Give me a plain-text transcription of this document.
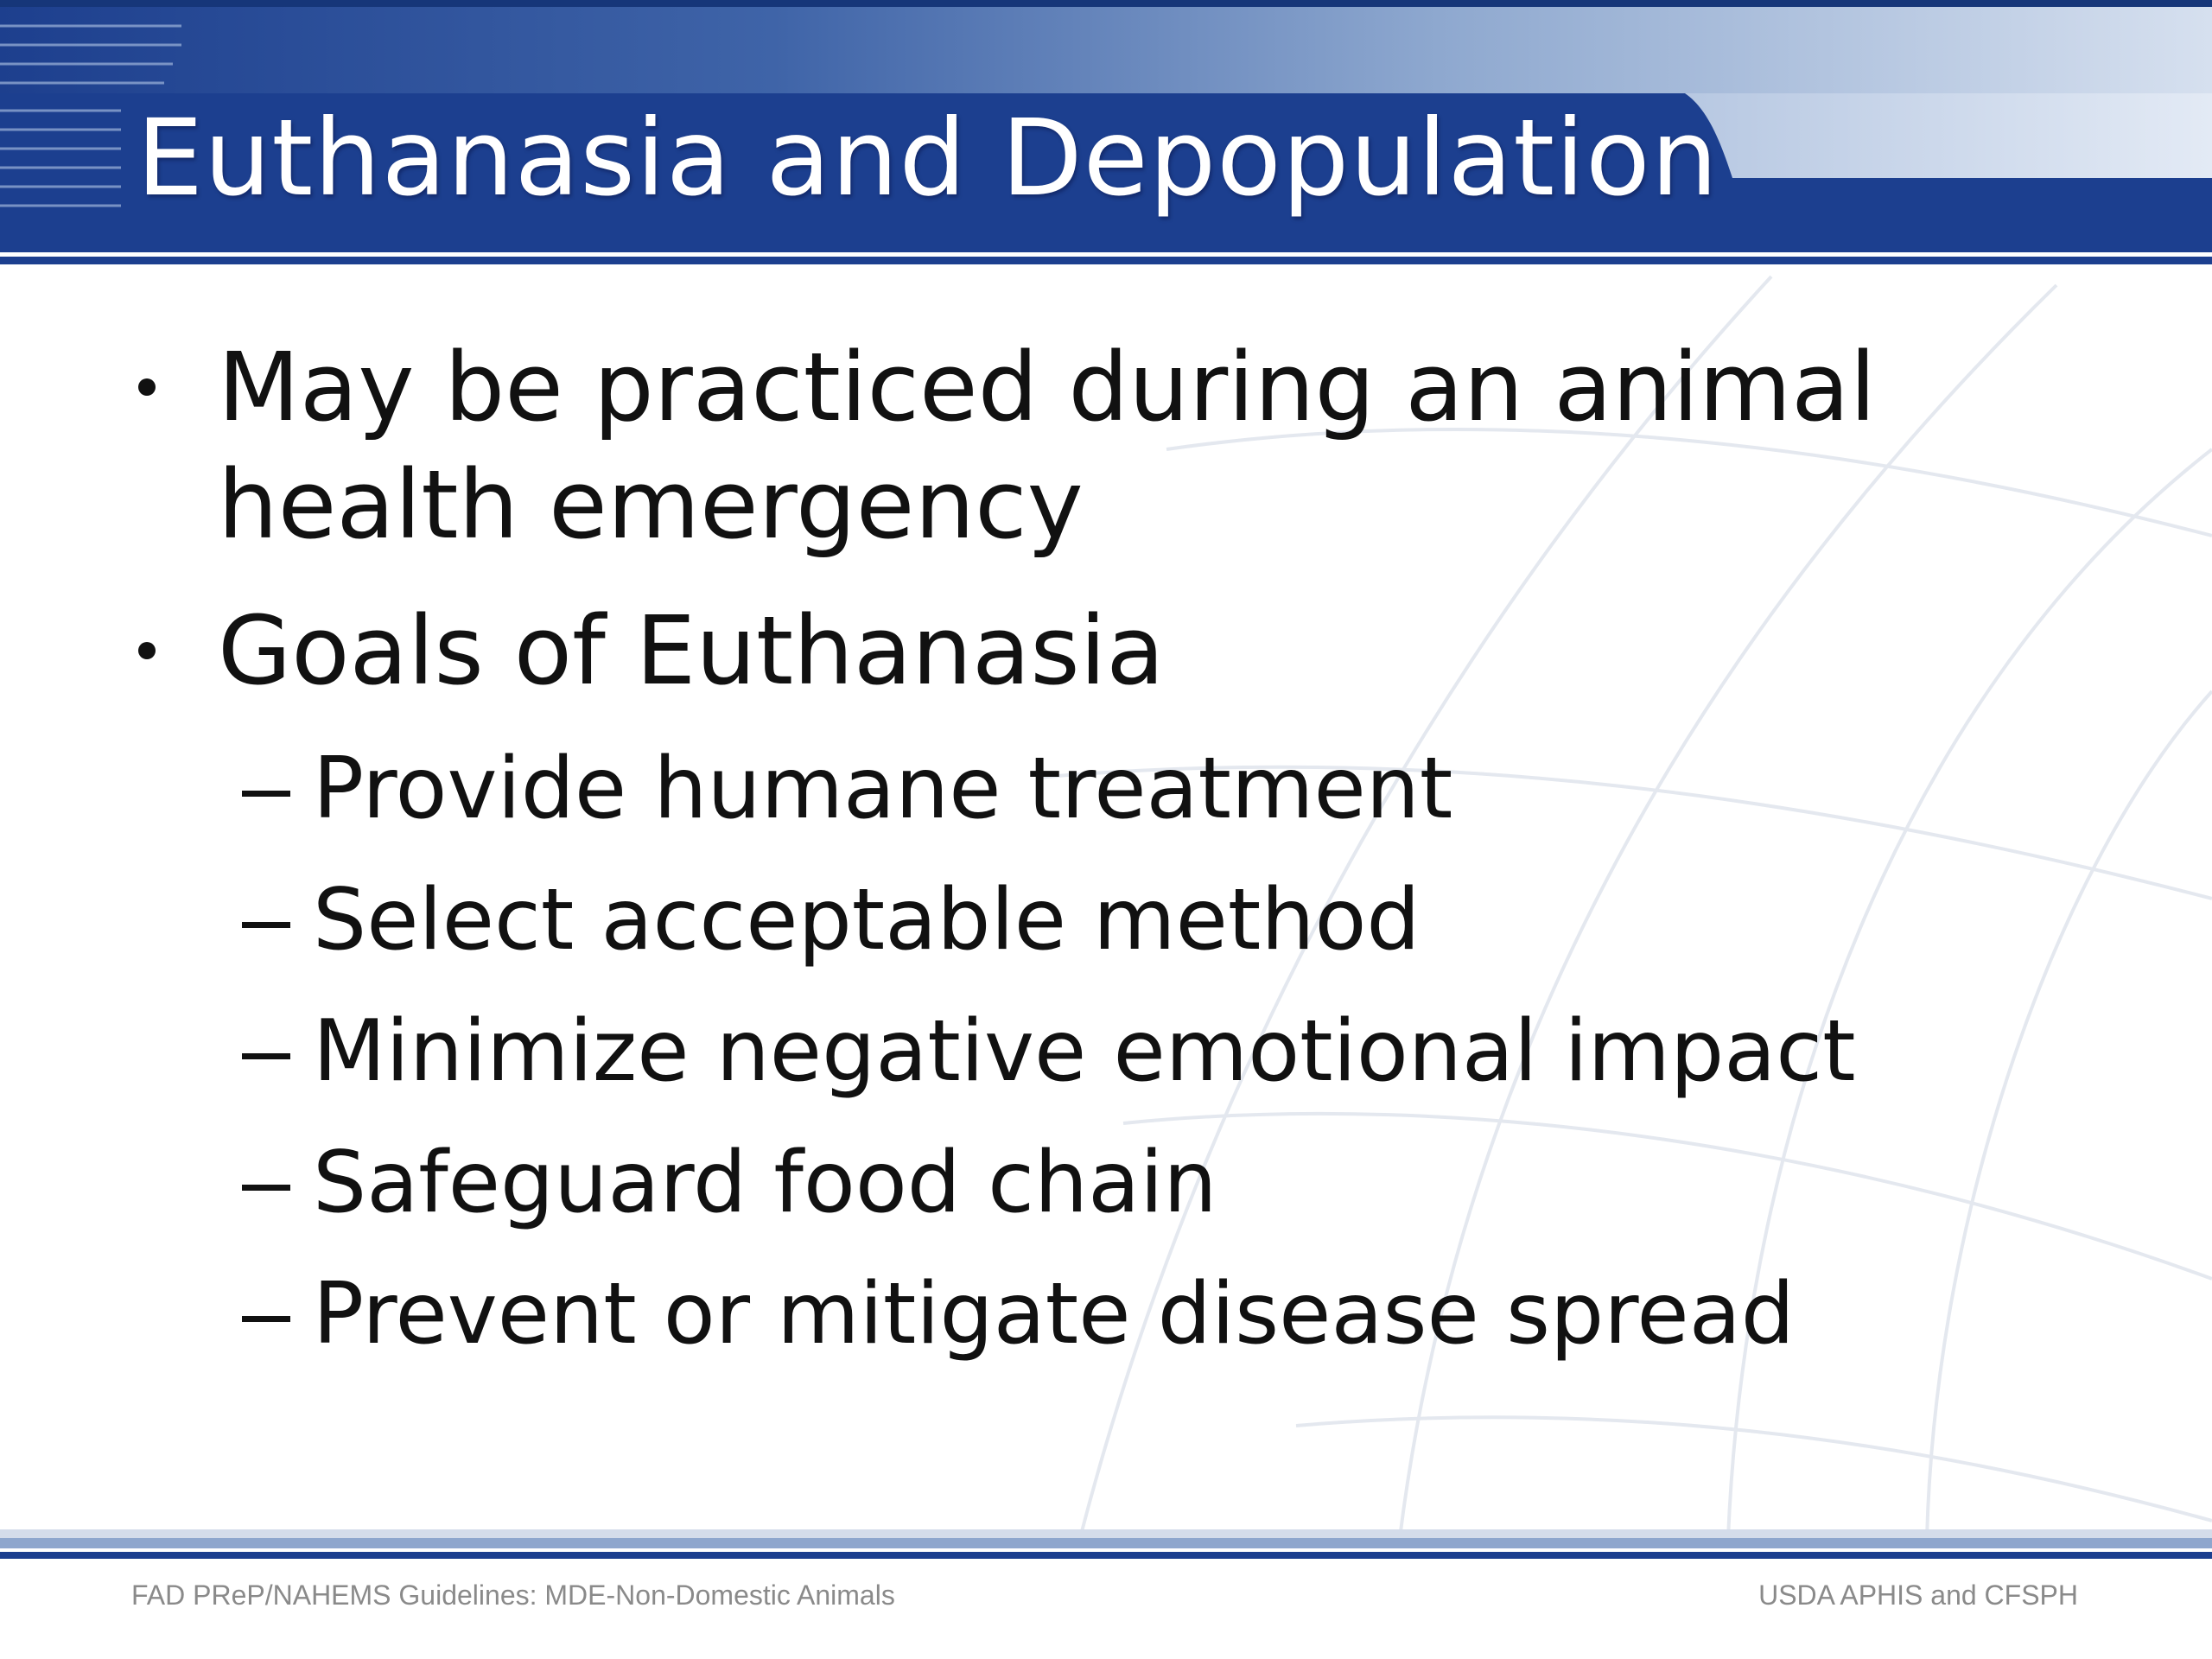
Euthanasia and Depopulation
May be practiced during an animal
health emergency
Goals of Euthanasia
Provide humane treatment
Select acceptable method
Minimize negative emotional impact
Safeguard food chain
Prevent or mitigate disease spread
FAD PReP/NAHEMS Guidelines: MDE-Non-Domestic Animals	USDA APHIS and CFSPH
